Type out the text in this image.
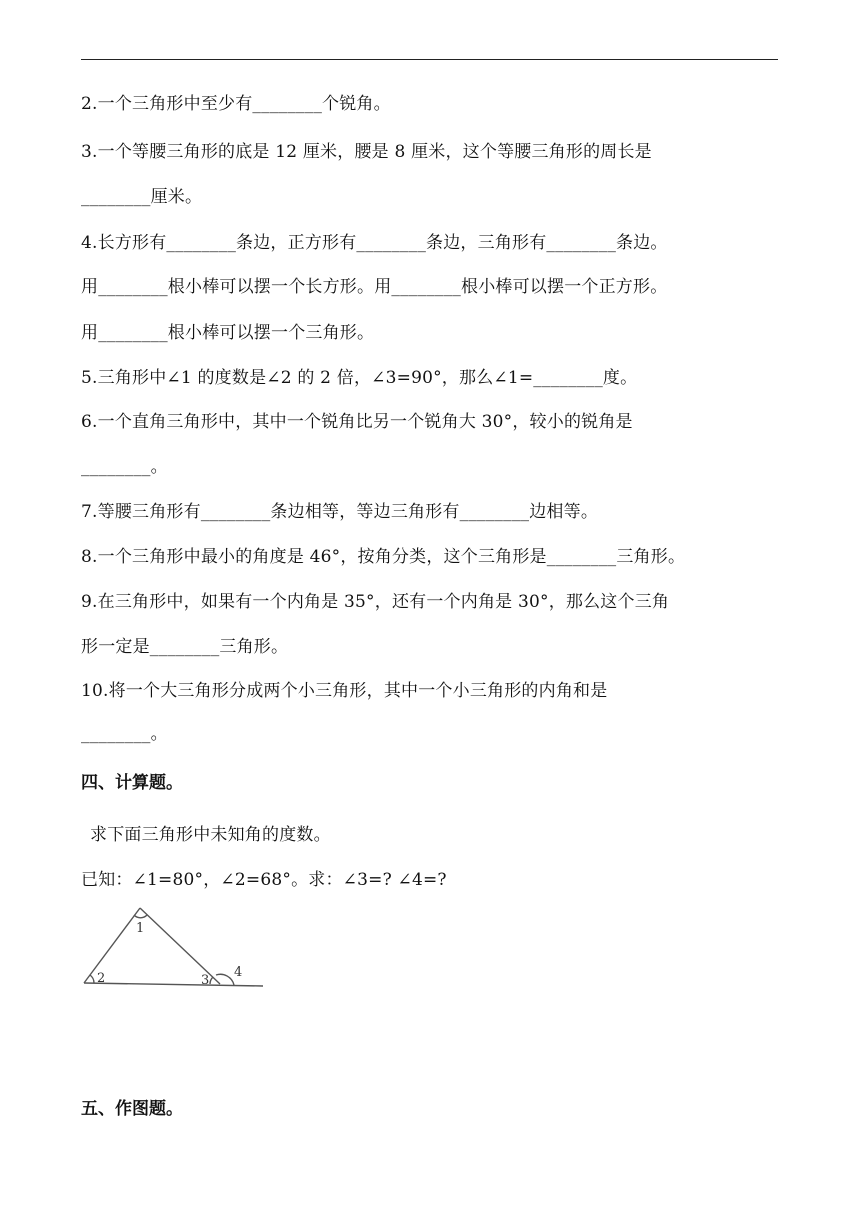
2.一个三角形中至少有________个锐角。
3.一个等腰三角形的底是 12 厘米，腰是 8 厘米，这个等腰三角形的周长是
________厘米。
4.长方形有________条边，正方形有________条边，三角形有________条边。
用________根小棒可以摆一个长方形。用________根小棒可以摆一个正方形。
用________根小棒可以摆一个三角形。
5.三角形中∠1 的度数是∠2 的 2 倍，∠3=90°，那么∠1=________度。
6.一个直角三角形中，其中一个锐角比另一个锐角大 30°，较小的锐角是
________。
7.等腰三角形有________条边相等，等边三角形有________边相等。
8.一个三角形中最小的角度是 46°，按角分类，这个三角形是________三角形。
9.在三角形中，如果有一个内角是 35°，还有一个内角是 30°，那么这个三角
形一定是________三角形。
10.将一个大三角形分成两个小三角形，其中一个小三角形的内角和是
________。
四、计算题。
求下面三角形中未知角的度数。
已知：∠1=80°，∠2=68°。求：∠3=? ∠4=?
1
2	3
4
五、作图题。
